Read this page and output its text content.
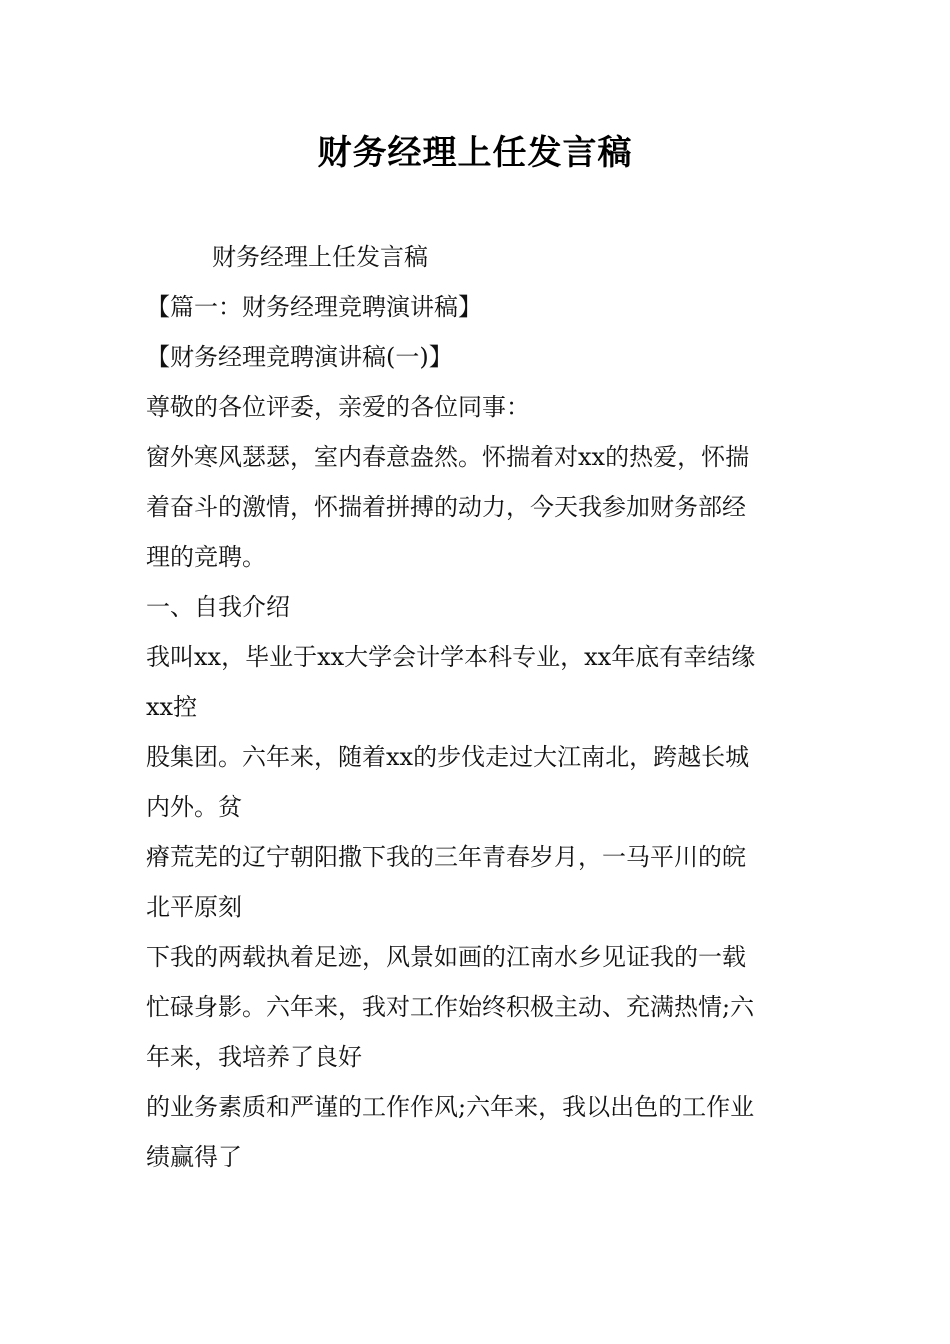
财务经理上任发言稿
财务经理上任发言稿
【篇一：财务经理竞聘演讲稿】
【财务经理竞聘演讲稿(一)】
尊敬的各位评委，亲爱的各位同事：
窗外寒风瑟瑟，室内春意盎然。怀揣着对xx的热爱，怀揣
着奋斗的激情，怀揣着拼搏的动力，今天我参加财务部经
理的竞聘。
一、自我介绍
我叫xx，毕业于xx大学会计学本科专业，xx年底有幸结缘
xx控
股集团。六年来，随着xx的步伐走过大江南北，跨越长城
内外。贫
瘠荒芜的辽宁朝阳撒下我的三年青春岁月，一马平川的皖
北平原刻
下我的两载执着足迹，风景如画的江南水乡见证我的一载
忙碌身影。六年来，我对工作始终积极主动、充满热情;六
年来，我培养了良好
的业务素质和严谨的工作作风;六年来，我以出色的工作业
绩赢得了
